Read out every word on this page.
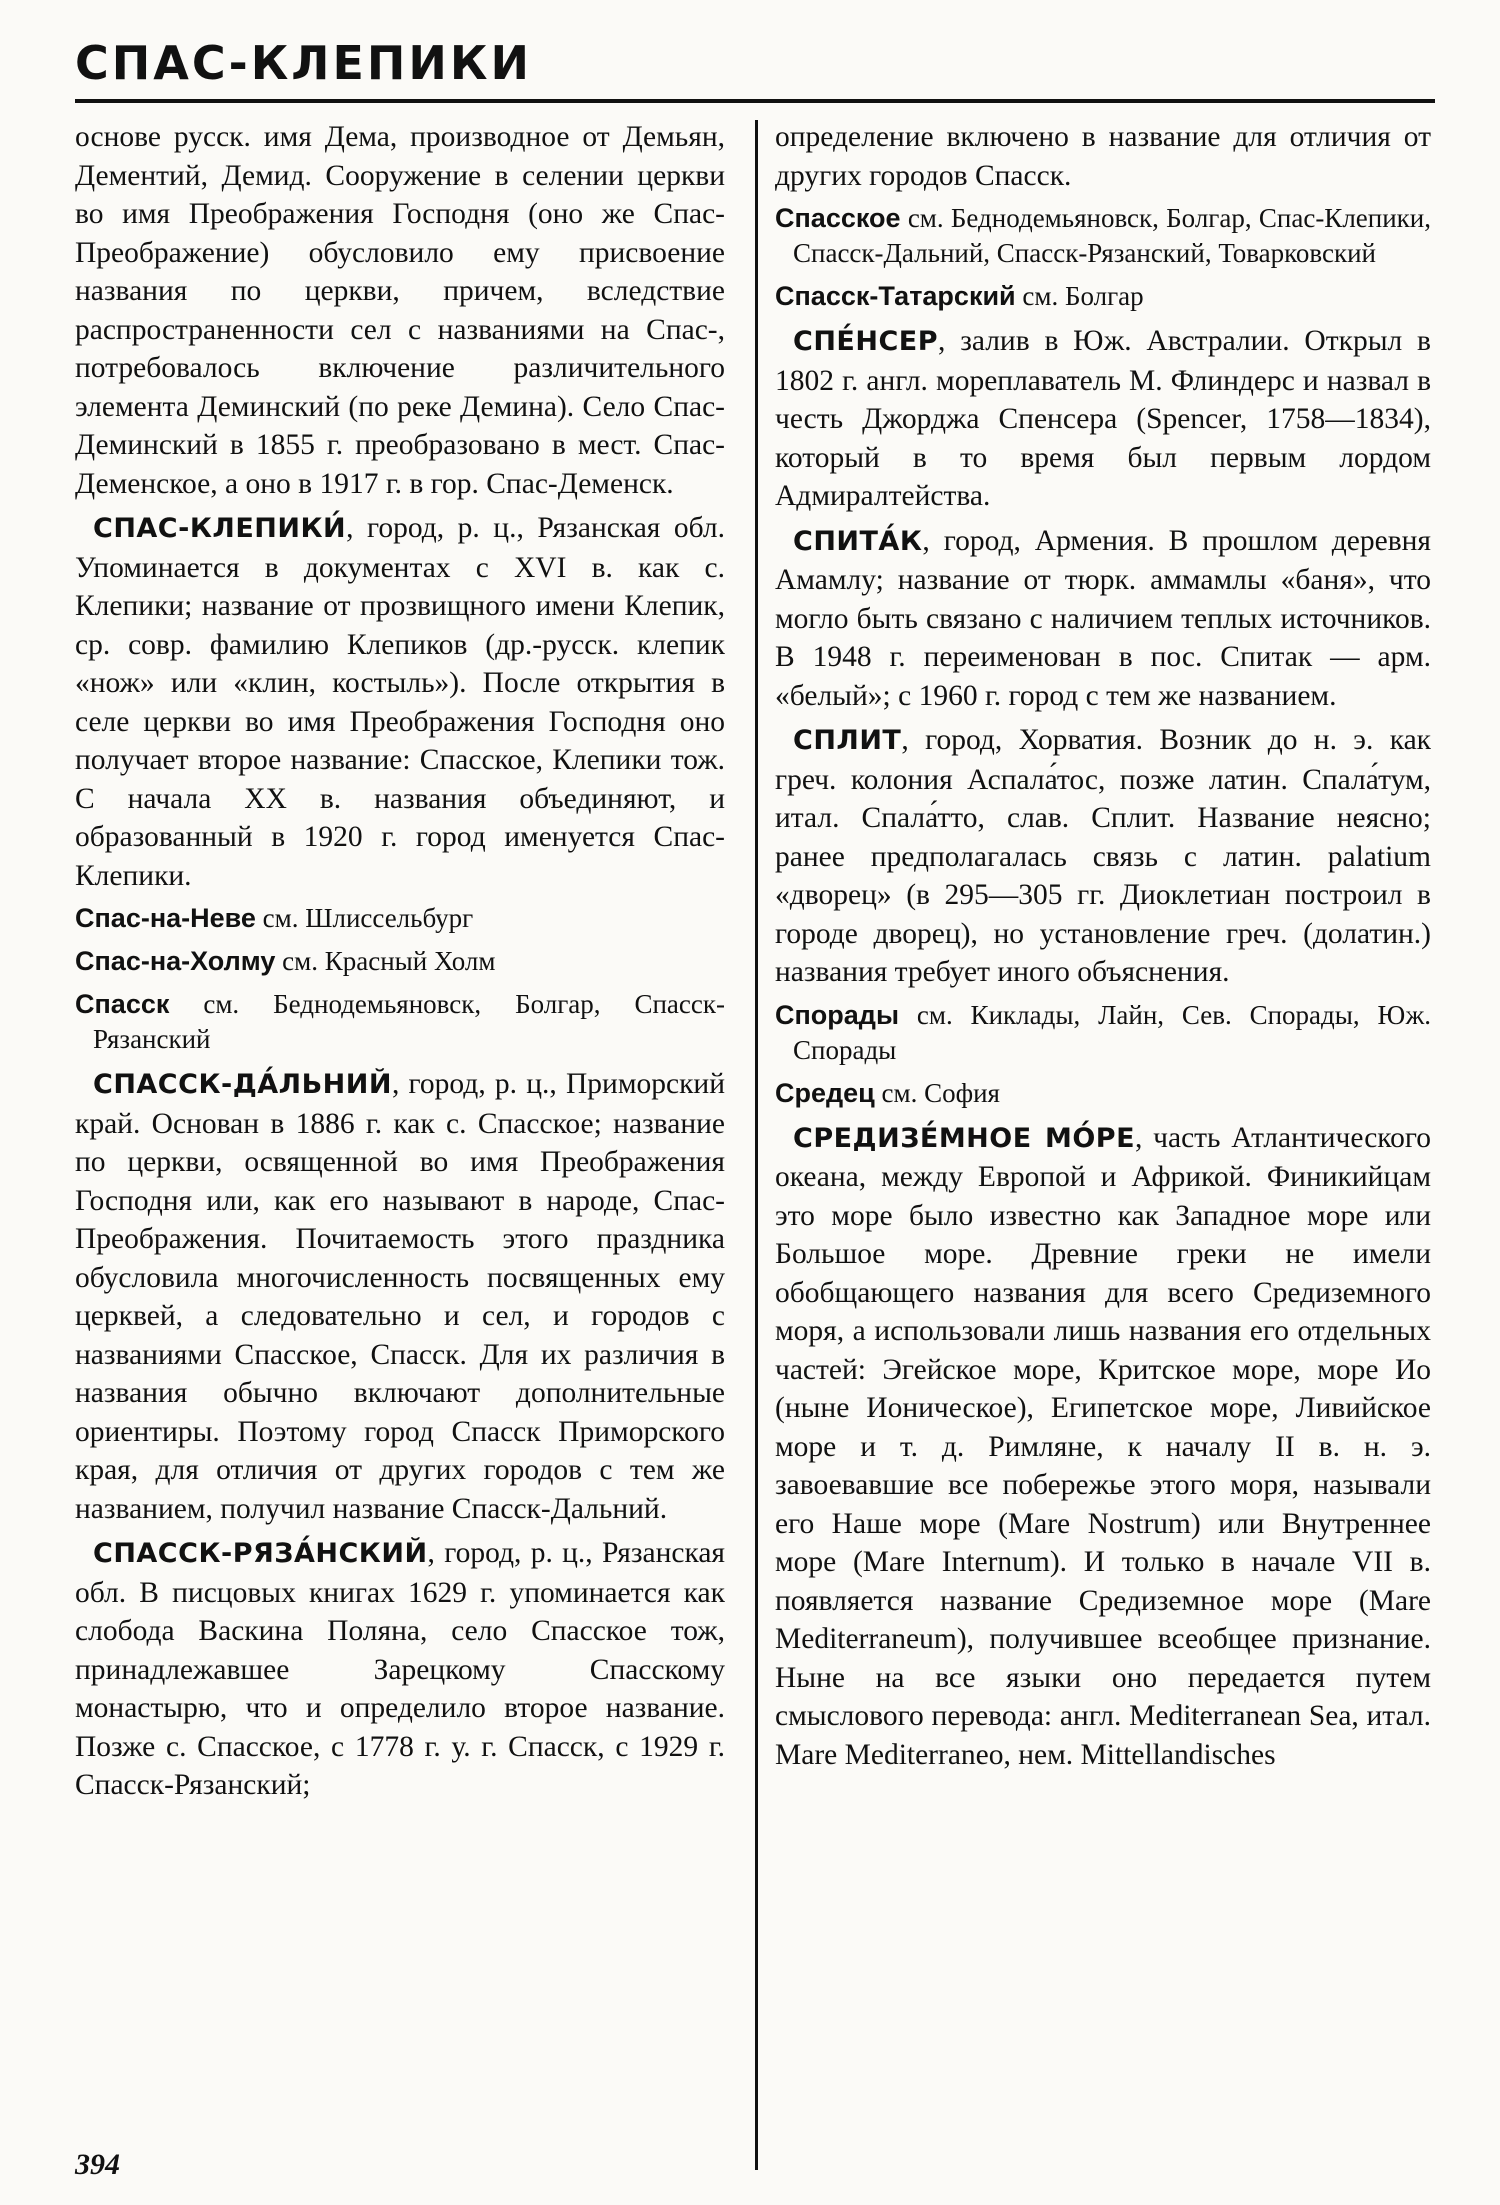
СПАС-КЛЕПИКИ

основе русск. имя Дема, производное от Демьян, Дементий, Демид. Сооружение в селении церкви во имя Преображения Господня (оно же Спас-Преображение) обусловило ему присвоение названия по церкви, причем, вследствие распространенности сел с названиями на Спас-, потребовалось включение различительного элемента Деминский (по реке Демина). Село Спас-Деминский в 1855 г. преобразовано в мест. Спас-Деменское, а оно в 1917 г. в гор. Спас-Деменск.

СПАС-КЛЕПИКИ́, город, р. ц., Рязанская обл. Упоминается в документах с XVI в. как с. Клепики; название от прозвищного имени Клепик, ср. совр. фамилию Клепиков (др.-русск. клепик «нож» или «клин, костыль»). После открытия в селе церкви во имя Преображения Господня оно получает второе название: Спасское, Клепики тож. С начала XX в. названия объединяют, и образованный в 1920 г. город именуется Спас-Клепики.

Спас-на-Неве см. Шлиссельбург

Спас-на-Холму см. Красный Холм

Спасск см. Беднодемьяновск, Болгар, Спасск-Рязанский

СПАССК-ДА́ЛЬНИЙ, город, р. ц., Приморский край. Основан в 1886 г. как с. Спасское; название по церкви, освященной во имя Преображения Господня или, как его называют в народе, Спас-Преображения. Почитаемость этого праздника обусловила многочисленность посвященных ему церквей, а следовательно и сел, и городов с названиями Спасское, Спасск. Для их различия в названия обычно включают дополнительные ориентиры. Поэтому город Спасск Приморского края, для отличия от других городов с тем же названием, получил название Спасск-Дальний.

СПАССК-РЯЗА́НСКИЙ, город, р. ц., Рязанская обл. В писцовых книгах 1629 г. упоминается как слобода Васкина Поляна, село Спасское тож, принадлежавшее Зарецкому Спасскому монастырю, что и определило второе название. Позже с. Спасское, с 1778 г. у. г. Спасск, с 1929 г. Спасск-Рязанский;

определение включено в название для отличия от других городов Спасск.

Спасское см. Беднодемьяновск, Болгар, Спас-Клепики, Спасск-Дальний, Спасск-Рязанский, Товарковский

Спасск-Татарский см. Болгар

СПЕ́НСЕР, залив в Юж. Австралии. Открыл в 1802 г. англ. мореплаватель М. Флиндерс и назвал в честь Джорджа Спенсера (Spencer, 1758—1834), который в то время был первым лордом Адмиралтейства.

СПИТА́К, город, Армения. В прошлом деревня Амамлу; название от тюрк. аммамлы «баня», что могло быть связано с наличием теплых источников. В 1948 г. переименован в пос. Спитак — арм. «белый»; с 1960 г. город с тем же названием.

СПЛИТ, город, Хорватия. Возник до н. э. как греч. колония Аспала́тос, позже латин. Спала́тум, итал. Спала́тто, слав. Сплит. Название неясно; ранее предполагалась связь с латин. palatium «дворец» (в 295—305 гг. Диоклетиан построил в городе дворец), но установление греч. (долатин.) названия требует иного объяснения.

Спорады см. Киклады, Лайн, Сев. Спорады, Юж. Спорады

Средец см. София

СРЕДИЗЕ́МНОЕ МО́РЕ, часть Атлантического океана, между Европой и Африкой. Финикийцам это море было известно как Западное море или Большое море. Древние греки не имели обобщающего названия для всего Средиземного моря, а использовали лишь названия его отдельных частей: Эгейское море, Критское море, море Ио (ныне Ионическое), Египетское море, Ливийское море и т. д. Римляне, к началу II в. н. э. завоевавшие все побережье этого моря, называли его Наше море (Mare Nostrum) или Внутреннее море (Mare Internum). И только в начале VII в. появляется название Средиземное море (Mare Mediterraneum), получившее всеобщее признание. Ныне на все языки оно передается путем смыслового перевода: англ. Mediterranean Sea, итал. Mare Mediterraneo, нем. Mittellandisches

394
